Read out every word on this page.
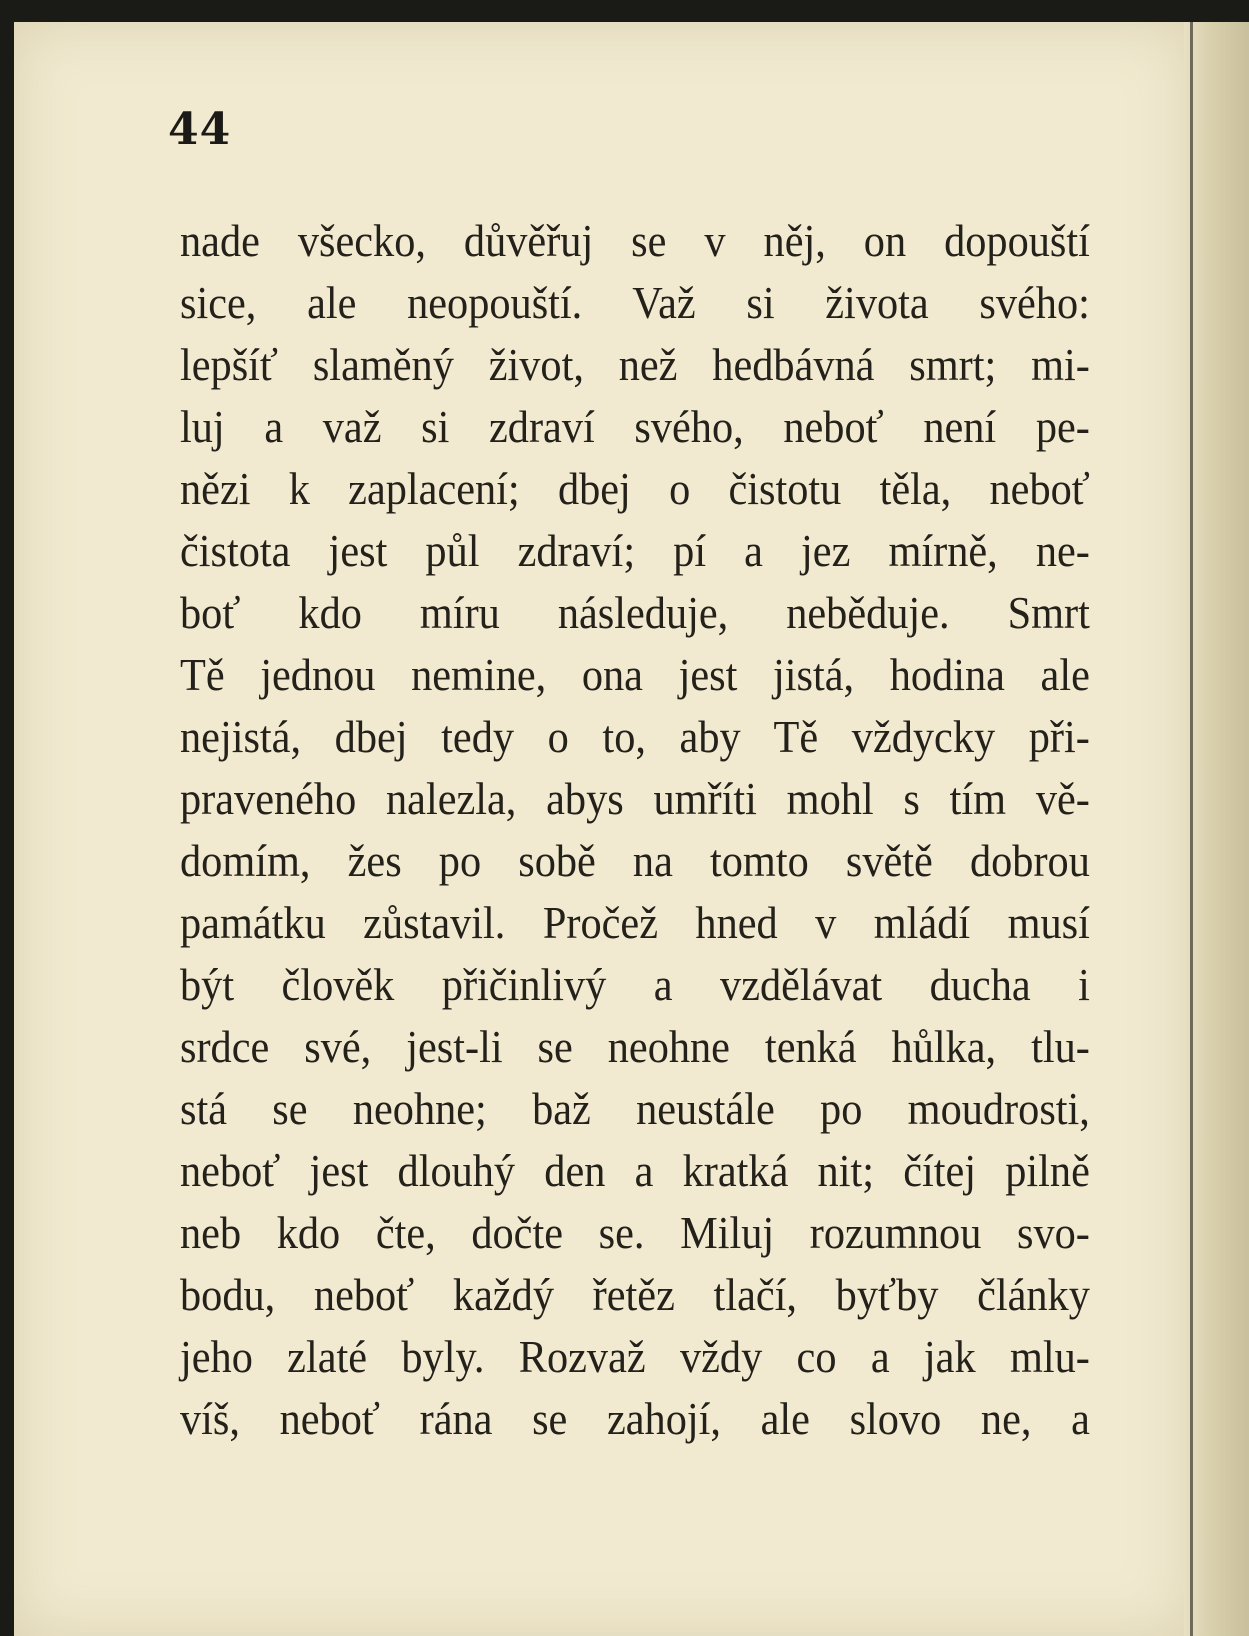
44
nade všecko, důvěřuj se v něj, on dopouští
sice, ale neopouští. Važ si života svého:
lepšíť slaměný život, než hedbávná smrt; mi-
luj a važ si zdraví svého, neboť není pe-
nězi k zaplacení; dbej o čistotu těla, neboť
čistota jest půl zdraví; pí a jez mírně, ne-
boť kdo míru následuje, neběduje. Smrt
Tě jednou nemine, ona jest jistá, hodina ale
nejistá, dbej tedy o to, aby Tě vždycky při-
praveného nalezla, abys umříti mohl s tím vě-
domím, žes po sobě na tomto světě dobrou
památku zůstavil. Pročež hned v mládí musí
být člověk přičinlivý a vzdělávat ducha i
srdce své, jest-li se neohne tenká hůlka, tlu-
stá se neohne; baž neustále po moudrosti,
neboť jest dlouhý den a kratká nit; čítej pilně
neb kdo čte, dočte se. Miluj rozumnou svo-
bodu, neboť každý řetěz tlačí, byťby články
jeho zlaté byly. Rozvaž vždy co a jak mlu-
víš, neboť rána se zahojí, ale slovo ne, a
